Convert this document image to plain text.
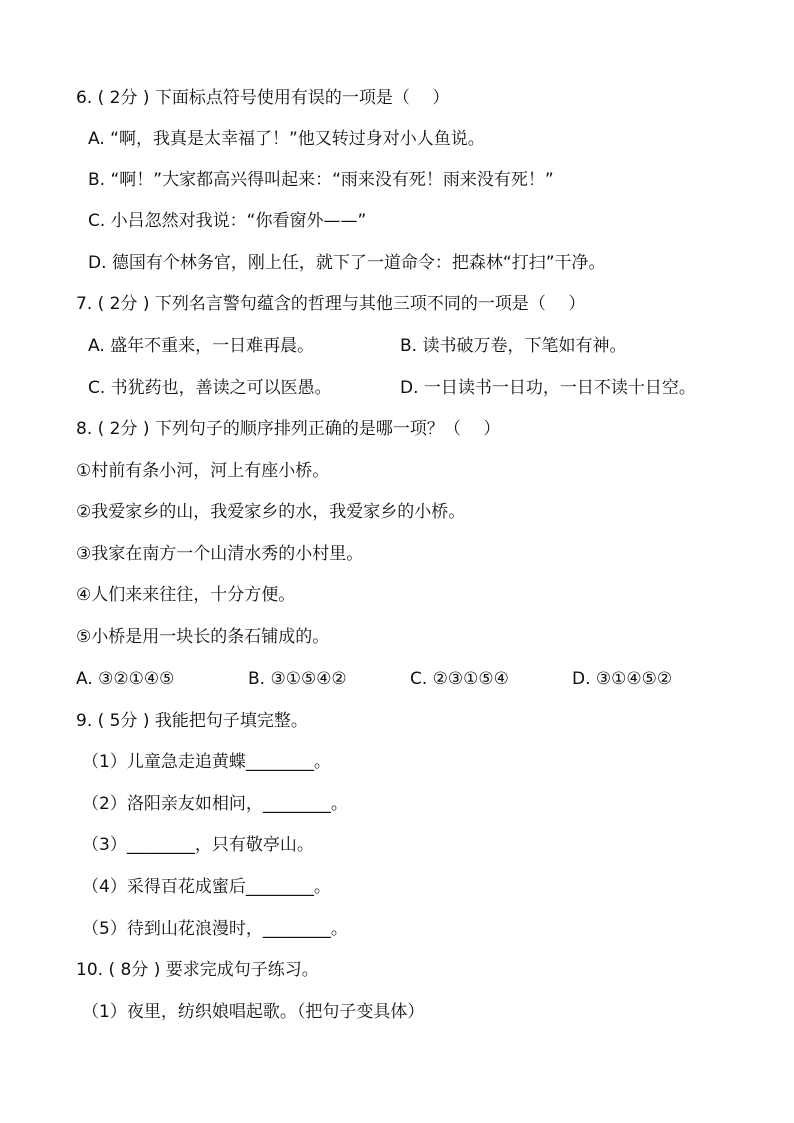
6. ( 2分 ) 下面标点符号使用有误的一项是（　 ）
A. “啊，我真是太幸福了！”他又转过身对小人鱼说。
B. “啊！”大家都高兴得叫起来：“雨来没有死！雨来没有死！”
C. 小吕忽然对我说：“你看窗外——”
D. 德国有个林务官，刚上任，就下了一道命令：把森林“打扫”干净。
7. ( 2分 ) 下列名言警句蕴含的哲理与其他三项不同的一项是（　 ）
A. 盛年不重来，一日难再晨。	B. 读书破万卷，下笔如有神。
C. 书犹药也，善读之可以医愚。	D. 一日读书一日功，一日不读十日空。
8. ( 2分 ) 下列句子的顺序排列正确的是哪一项？（　 ）
①村前有条小河，河上有座小桥。
②我爱家乡的山，我爱家乡的水，我爱家乡的小桥。
③我家在南方一个山清水秀的小村里。
④人们来来往往，十分方便。
⑤小桥是用一块长的条石铺成的。
A. ③②①④⑤	B. ③①⑤④②	C. ②③①⑤④	D. ③①④⑤②
9. ( 5分 ) 我能把句子填完整。
（1）儿童急走追黄蝶________。
（2）洛阳亲友如相问，________。
（3）________，只有敬亭山。
（4）采得百花成蜜后________。
（5）待到山花浪漫时，________。
10. ( 8分 ) 要求完成句子练习。
（1）夜里，纺织娘唱起歌。（把句子变具体）
